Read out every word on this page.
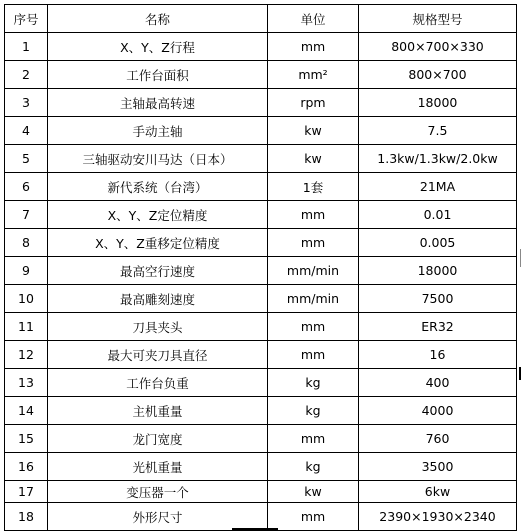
序号	名称	单位	规格型号
1	X、Y、Z行程	mm	800×700×330
2	工作台面积	mm²	800×700
3	主轴最高转速	rpm	18000
4	手动主轴	kw	7.5
5	三轴驱动安川马达（日本）	kw	1.3kw/1.3kw/2.0kw
6	新代系统（台湾）	1套	21MA
7	X、Y、Z定位精度	mm	0.01
8	X、Y、Z重移定位精度	mm	0.005
9	最高空行速度	mm/min	18000
10	最高雕刻速度	mm/min	7500
11	刀具夹头	mm	ER32
12	最大可夹刀具直径	mm	16
13	工作台负重	kg	400
14	主机重量	kg	4000
15	龙门宽度	mm	760
16	光机重量	kg	3500
17	变压器一个	kw	6kw
18	外形尺寸	mm	2390×1930×2340
